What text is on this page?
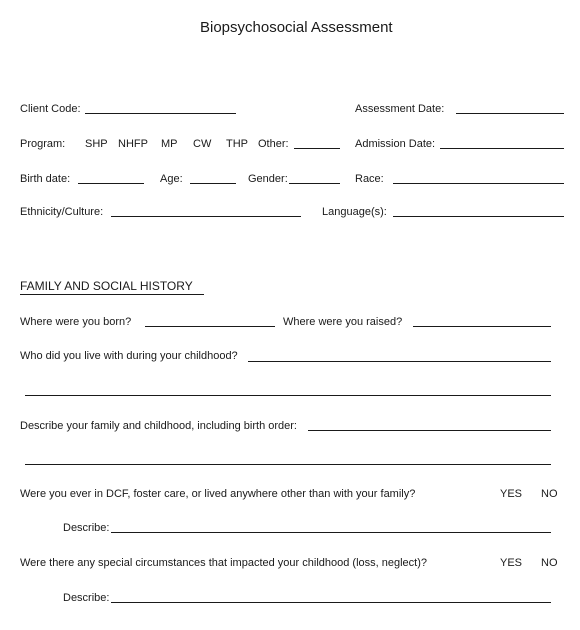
Biopsychosocial Assessment
Client Code:	Assessment Date:
Program: SHP NHFP MP CW THP Other:	Admission Date:
Birth date:	Age:	Gender:	Race:
Ethnicity/Culture:	Language(s):
FAMILY AND SOCIAL HISTORY
Where were you born?	Where were you raised?
Who did you live with during your childhood?
Describe your family and childhood, including birth order:
Were you ever in DCF, foster care, or lived anywhere other than with your family?	YES NO
Describe:
Were there any special circumstances that impacted your childhood (loss, neglect)?	YES NO
Describe:
